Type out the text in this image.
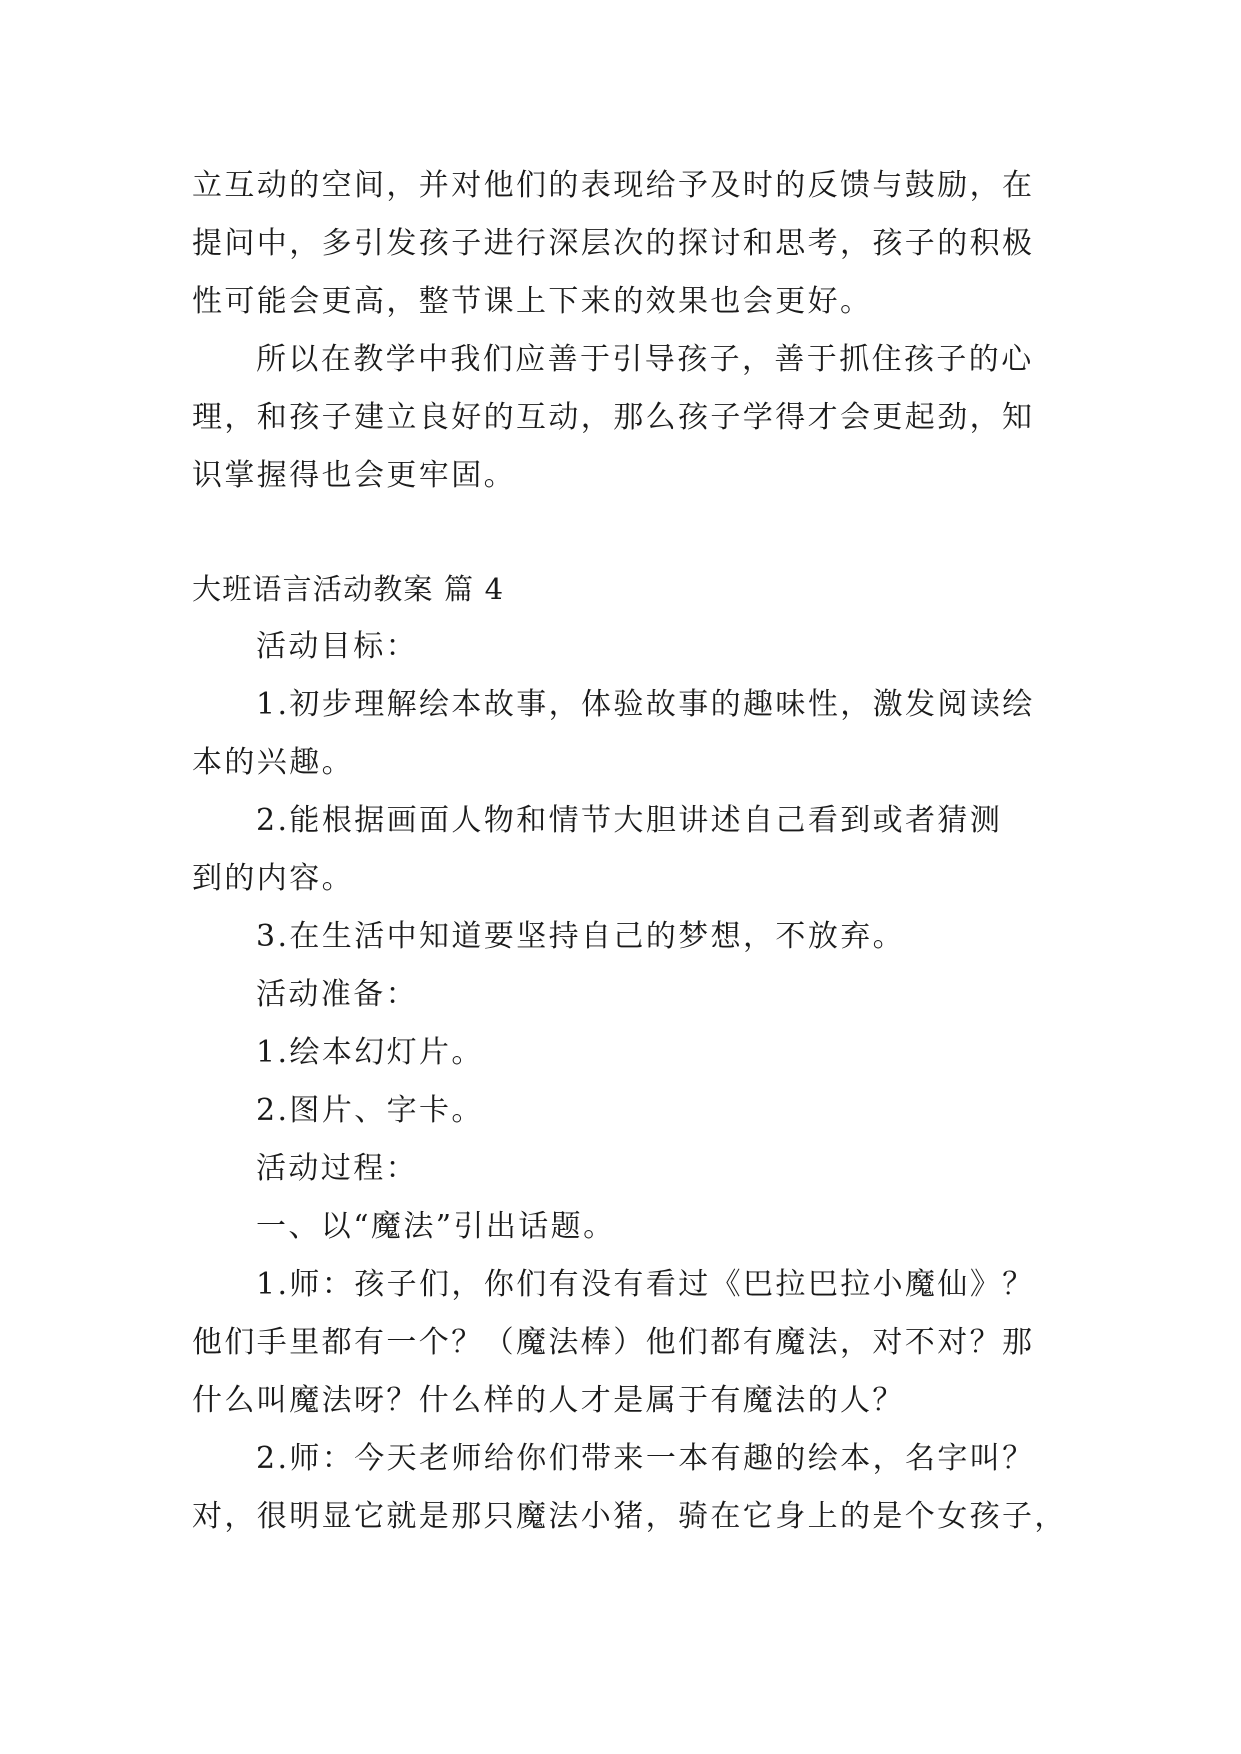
立互动的空间，并对他们的表现给予及时的反馈与鼓励，在
提问中，多引发孩子进行深层次的探讨和思考，孩子的积极
性可能会更高，整节课上下来的效果也会更好。
所以在教学中我们应善于引导孩子，善于抓住孩子的心
理，和孩子建立良好的互动，那么孩子学得才会更起劲，知
识掌握得也会更牢固。
大班语言活动教案 篇 4
活动目标：
1.初步理解绘本故事，体验故事的趣味性，激发阅读绘
本的兴趣。
2.能根据画面人物和情节大胆讲述自己看到或者猜测
到的内容。
3.在生活中知道要坚持自己的梦想，不放弃。
活动准备：
1.绘本幻灯片。
2.图片、字卡。
活动过程：
一、以“魔法”引出话题。
1.师：孩子们，你们有没有看过《巴拉巴拉小魔仙》？
他们手里都有一个？（魔法棒）他们都有魔法，对不对？那
什么叫魔法呀？什么样的人才是属于有魔法的人？
2.师：今天老师给你们带来一本有趣的绘本，名字叫？
对，很明显它就是那只魔法小猪，骑在它身上的是个女孩子，
